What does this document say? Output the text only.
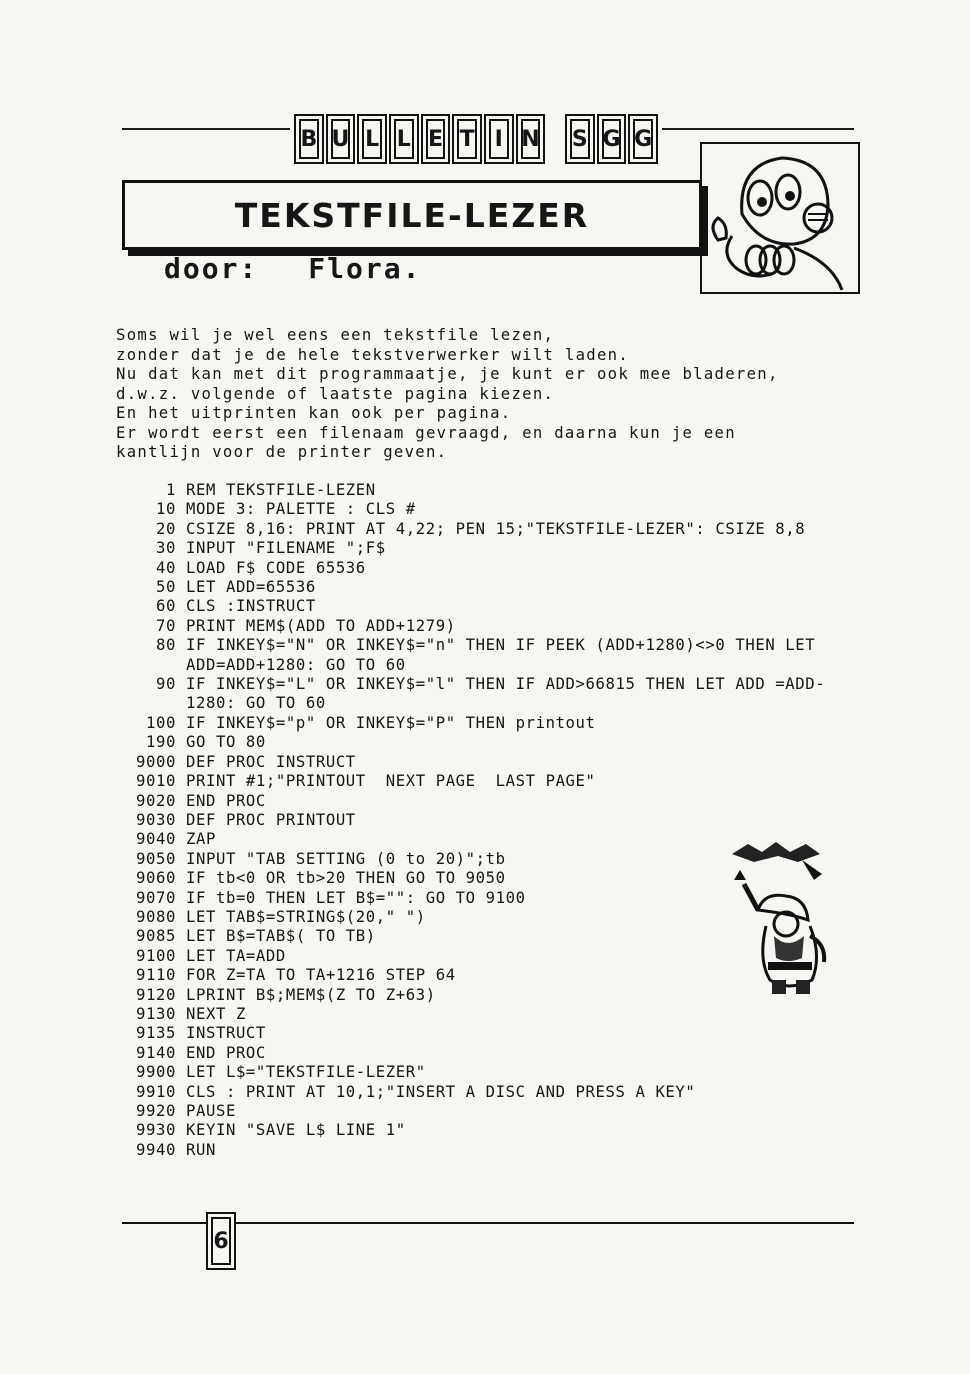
B U L L E T I N	S G G
TEKSTFILE-LEZER
door: Flora.
Soms wil je wel eens een tekstfile lezen,
zonder dat je de hele tekstverwerker wilt laden.
Nu dat kan met dit programmaatje, je kunt er ook mee bladeren,
d.w.z. volgende of laatste pagina kiezen.
En het uitprinten kan ook per pagina.
Er wordt eerst een filenaam gevraagd, en daarna kun je een
kantlijn voor de printer geven.
1 REM TEKSTFILE-LEZEN
10 MODE 3: PALETTE : CLS #
20 CSIZE 8,16: PRINT AT 4,22; PEN 15;"TEKSTFILE-LEZER": CSIZE 8,8
30 INPUT "FILENAME ";F$
40 LOAD F$ CODE 65536
50 LET ADD=65536
60 CLS :INSTRUCT
70 PRINT MEM$(ADD TO ADD+1279)
80 IF INKEY$="N" OR INKEY$="n" THEN IF PEEK (ADD+1280)<>0 THEN LET ADD=ADD+1280: GO TO 60
90 IF INKEY$="L" OR INKEY$="l" THEN IF ADD>66815 THEN LET ADD =ADD-1280: GO TO 60
100 IF INKEY$="p" OR INKEY$="P" THEN printout
190 GO TO 80
9000 DEF PROC INSTRUCT
9010 PRINT #1;"PRINTOUT  NEXT PAGE  LAST PAGE"
9020 END PROC
9030 DEF PROC PRINTOUT
9040 ZAP
9050 INPUT "TAB SETTING (0 to 20)";tb
9060 IF tb<0 OR tb>20 THEN GO TO 9050
9070 IF tb=0 THEN LET B$="": GO TO 9100
9080 LET TAB$=STRING$(20," ")
9085 LET B$=TAB$( TO TB)
9100 LET TA=ADD
9110 FOR Z=TA TO TA+1216 STEP 64
9120 LPRINT B$;MEM$(Z TO Z+63)
9130 NEXT Z
9135 INSTRUCT
9140 END PROC
9900 LET L$="TEKSTFILE-LEZER"
9910 CLS : PRINT AT 10,1;"INSERT A DISC AND PRESS A KEY"
9920 PAUSE
9930 KEYIN "SAVE L$ LINE 1"
9940 RUN
6
